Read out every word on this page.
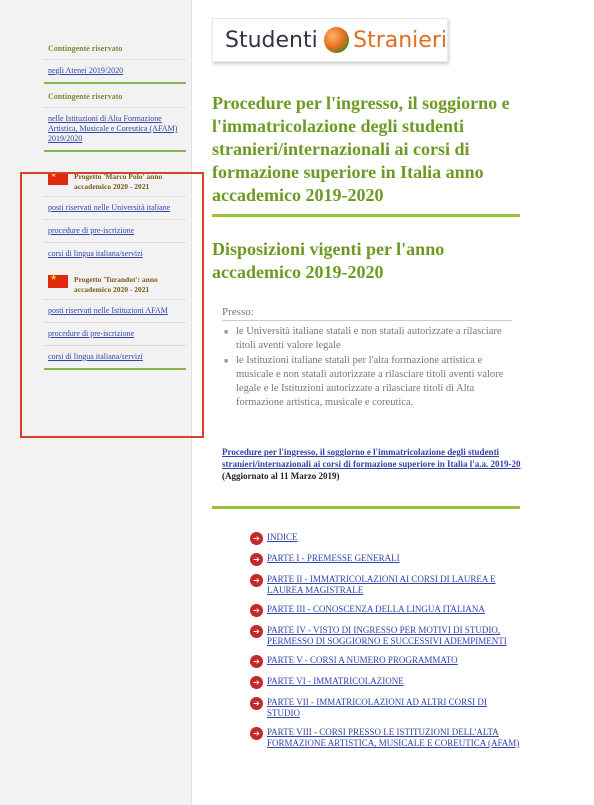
Contingente riservato
negli Atenei 2019/2020
Contingente riservato
nelle Istituzioni di Alta Formazione Artistica, Musicale e Coreutica (AFAM) 2019/2020
★
Progetto 'Marco Polo' anno accademico 2020 - 2021
posti riservati nelle Università italiane
procedure di pre-iscrizione
corsi di lingua italiana/servizi
★
Progetto 'Turandot': anno accademico 2020 - 2021
posti riservati nelle Istituzioni AFAM
procedure di pre-iscrizione
corsi di lingua italiana/servizi
Studenti Stranieri
Procedure per l'ingresso, il soggiorno e l'immatricolazione degli studenti stranieri/internazionali ai corsi di formazione superiore in Italia anno accademico 2019-2020
Disposizioni vigenti per l'anno accademico 2019-2020
Presso:
■ le Università italiane statali e non statali autorizzate a rilasciare titoli aventi valore legale
■ le Istituzioni italiane statali per l'alta formazione artistica e musicale e non statali autorizzate a rilasciare titoli aventi valore legale e le Istituzioni autorizzate a rilasciare titoli di Alta formazione artistica, musicale e coreutica.
Procedure per l'ingresso, il soggiorno e l'immatricolazione degli studenti stranieri/internazionali ai corsi di formazione superiore in Italia l'a.a. 2019-20 (Aggiornato al 11 Marzo 2019)
➔ INDICE
➔ PARTE I - PREMESSE GENERALI
➔ PARTE II - IMMATRICOLAZIONI AI CORSI DI LAUREA E LAUREA MAGISTRALE
➔ PARTE III - CONOSCENZA DELLA LINGUA ITALIANA
➔ PARTE IV - VISTO DI INGRESSO PER MOTIVI DI STUDIO, PERMESSO DI SOGGIORNO E SUCCESSIVI ADEMPIMENTI
➔ PARTE V - CORSI A NUMERO PROGRAMMATO
➔ PARTE VI - IMMATRICOLAZIONE
➔ PARTE VII - IMMATRICOLAZIONI AD ALTRI CORSI DI STUDIO
➔ PARTE VIII - CORSI PRESSO LE ISTITUZIONI DELL'ALTA FORMAZIONE ARTISTICA, MUSICALE E COREUTICA (AFAM)
